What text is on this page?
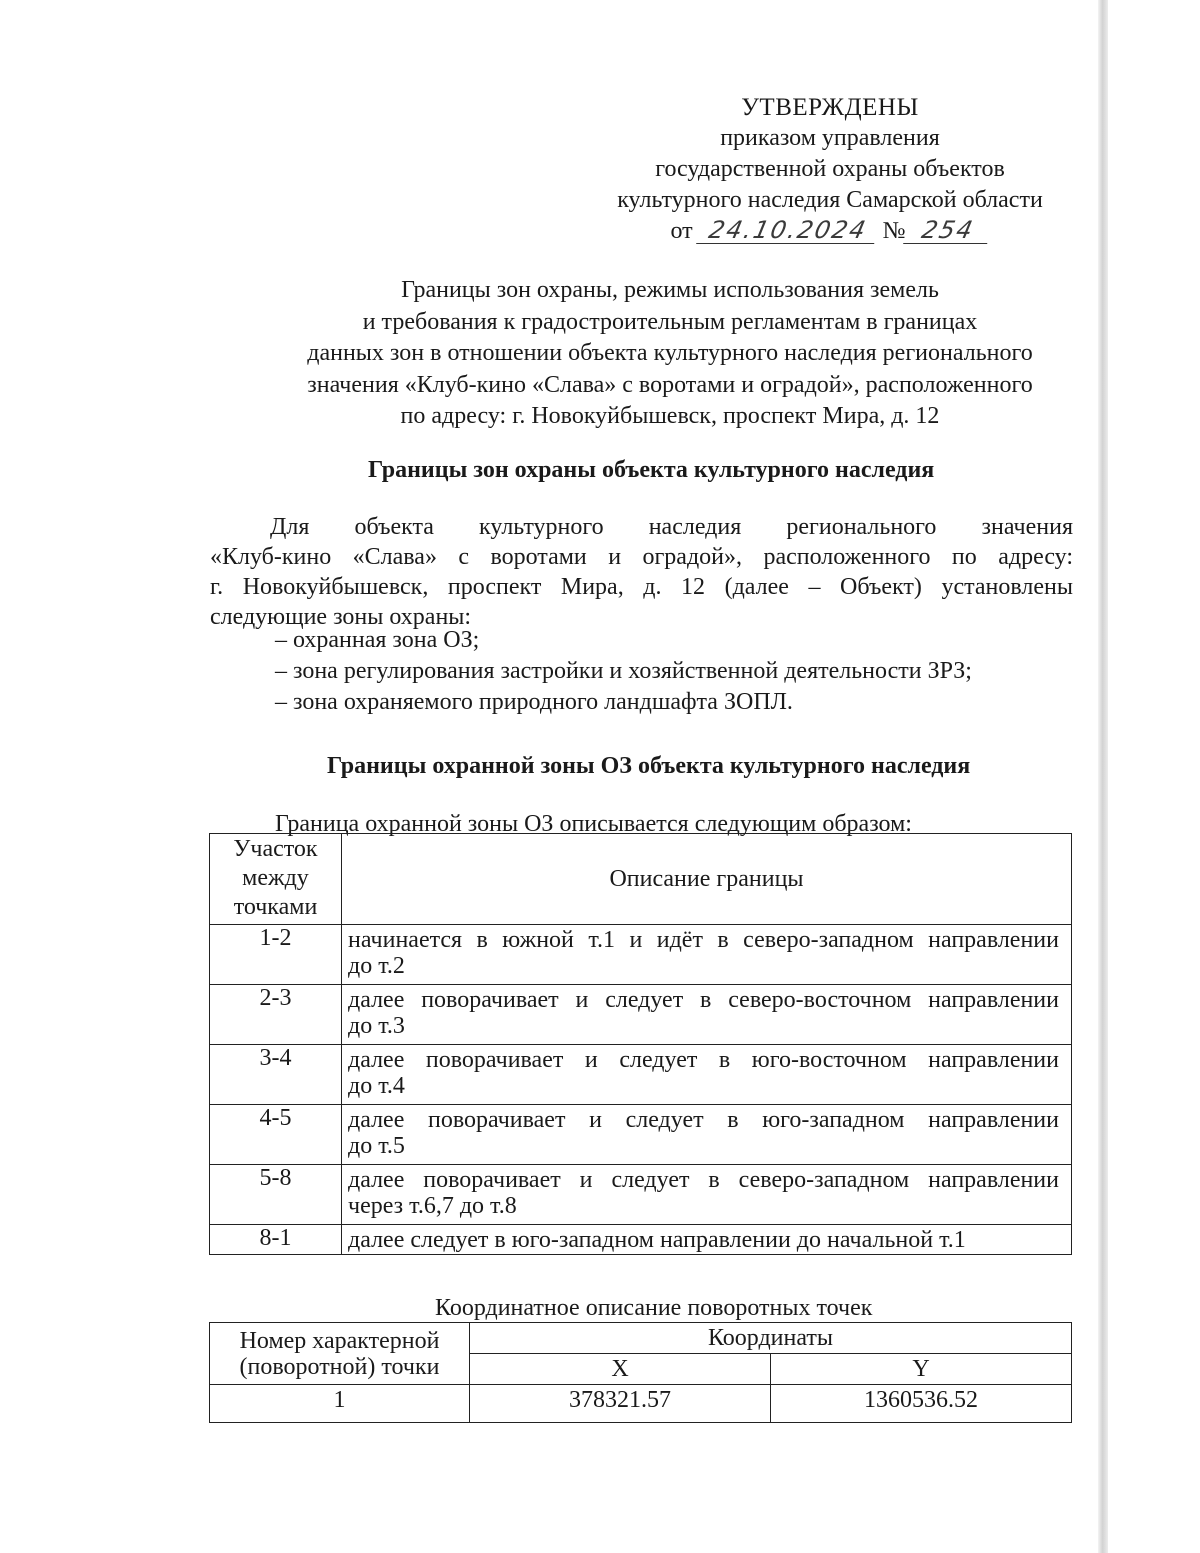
УТВЕРЖДЕНЫ
приказом управления
государственной охраны объектов
культурного наследия Самарской области
от 24.10.2024 № 254
Границы зон охраны, режимы использования земель
и требования к градостроительным регламентам в границах
данных зон в отношении объекта культурного наследия регионального
значения «Клуб-кино «Слава» с воротами и оградой», расположенного
по адресу: г. Новокуйбышевск, проспект Мира, д. 12
Границы зон охраны объекта культурного наследия
Для объекта культурного наследия регионального значения
«Клуб-кино «Слава» с воротами и оградой», расположенного по адресу:
г. Новокуйбышевск, проспект Мира, д. 12 (далее – Объект) установлены
следующие зоны охраны:
– охранная зона ОЗ;
– зона регулирования застройки и хозяйственной деятельности ЗРЗ;
– зона охраняемого природного ландшафта ЗОПЛ.
Границы охранной зоны ОЗ объекта культурного наследия
Граница охранной зоны ОЗ описывается следующим образом:
Участок
между
точками	Описание границы
1-2	начинается в южной т.1 и идёт в северо-западном направлении
до т.2

2-3	далее поворачивает и следует в северо-восточном направлении
до т.3

3-4	далее поворачивает и следует в юго-восточном направлении
до т.4

4-5	далее поворачивает и следует в юго-западном направлении
до т.5

5-8	далее поворачивает и следует в северо-западном направлении
через т.6,7 до т.8

8-1	далее следует в юго-западном направлении до начальной т.1
Координатное описание поворотных точек
Номер характерной
(поворотной) точки	Координаты	
	X	Y
1	378321.57	1360536.52
